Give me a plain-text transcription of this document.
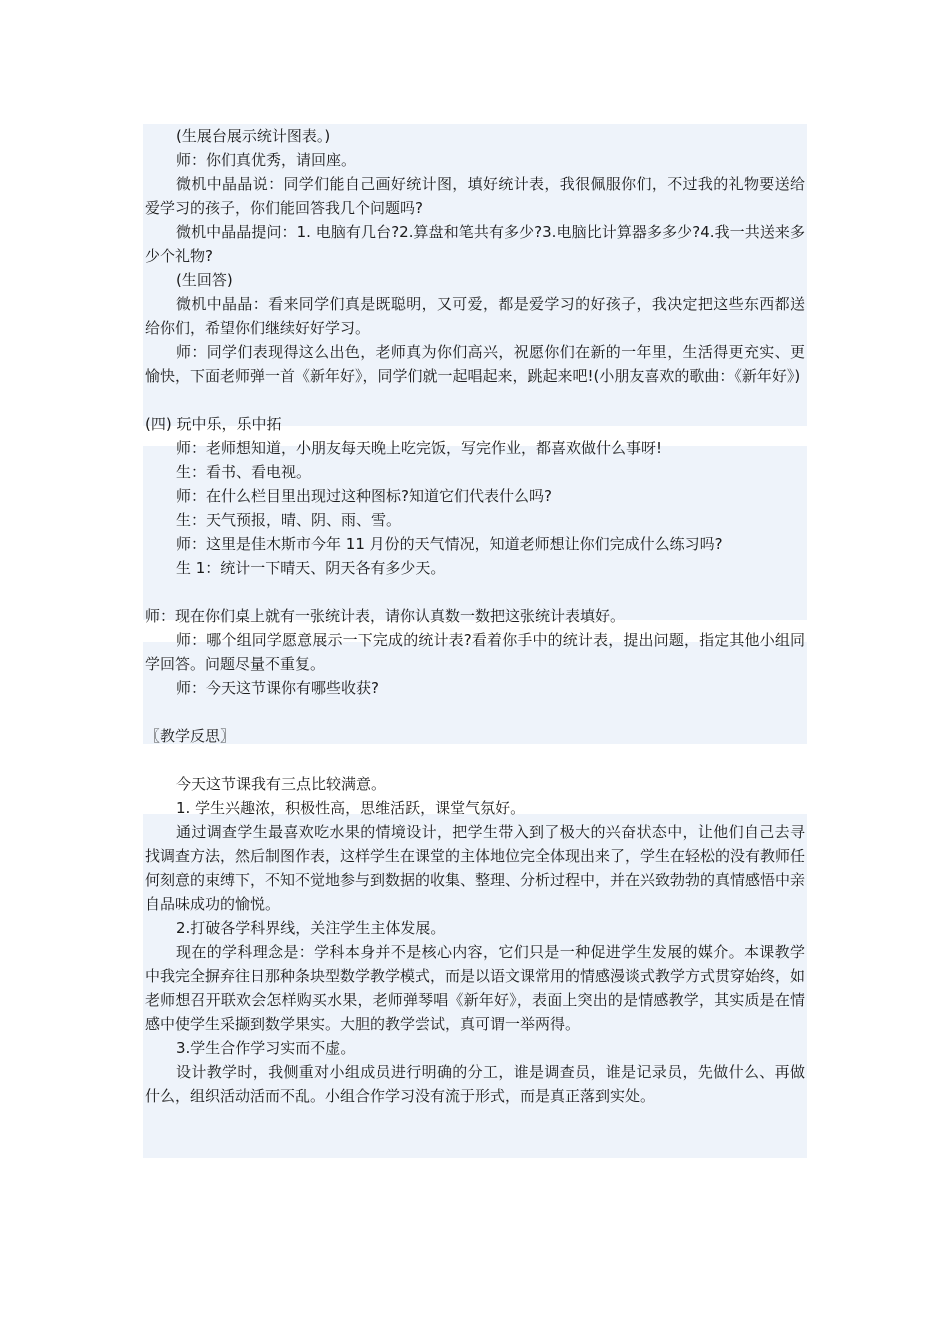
(生展台展示统计图表。)

师：你们真优秀，请回座。

微机中晶晶说：同学们能自己画好统计图，填好统计表，我很佩服你们，不过我的礼物要送给爱学习的孩子，你们能回答我几个问题吗?

微机中晶晶提问：1. 电脑有几台?2.算盘和笔共有多少?3.电脑比计算器多多少?4.我一共送来多少个礼物?

(生回答)

微机中晶晶：看来同学们真是既聪明，又可爱，都是爱学习的好孩子，我决定把这些东西都送给你们，希望你们继续好好学习。

师：同学们表现得这么出色，老师真为你们高兴，祝愿你们在新的一年里，生活得更充实、更愉快，下面老师弹一首《新年好》，同学们就一起唱起来，跳起来吧!(小朋友喜欢的歌曲：《新年好》)

(四) 玩中乐，乐中拓

师：老师想知道，小朋友每天晚上吃完饭，写完作业，都喜欢做什么事呀!

生：看书、看电视。

师：在什么栏目里出现过这种图标?知道它们代表什么吗?

生：天气预报，晴、阴、雨、雪。

师：这里是佳木斯市今年 11 月份的天气情况，知道老师想让你们完成什么练习吗?

生 1：统计一下晴天、阴天各有多少天。

师：现在你们桌上就有一张统计表，请你认真数一数把这张统计表填好。

师：哪个组同学愿意展示一下完成的统计表?看着你手中的统计表，提出问题，指定其他小组同学回答。问题尽量不重复。

师：今天这节课你有哪些收获?

〖教学反思〗

今天这节课我有三点比较满意。

1. 学生兴趣浓，积极性高，思维活跃，课堂气氛好。

通过调查学生最喜欢吃水果的情境设计，把学生带入到了极大的兴奋状态中，让他们自己去寻找调查方法，然后制图作表，这样学生在课堂的主体地位完全体现出来了，学生在轻松的没有教师任何刻意的束缚下，不知不觉地参与到数据的收集、整理、分析过程中，并在兴致勃勃的真情感悟中亲自品味成功的愉悦。

2.打破各学科界线，关注学生主体发展。

现在的学科理念是：学科本身并不是核心内容，它们只是一种促进学生发展的媒介。本课教学中我完全摒弃往日那种条块型数学教学模式，而是以语文课常用的情感漫谈式教学方式贯穿始终，如老师想召开联欢会怎样购买水果，老师弹琴唱《新年好》，表面上突出的是情感教学，其实质是在情感中使学生采撷到数学果实。大胆的教学尝试，真可谓一举两得。

3.学生合作学习实而不虚。

设计教学时，我侧重对小组成员进行明确的分工，谁是调查员，谁是记录员，先做什么、再做什么，组织活动活而不乱。小组合作学习没有流于形式，而是真正落到实处。
